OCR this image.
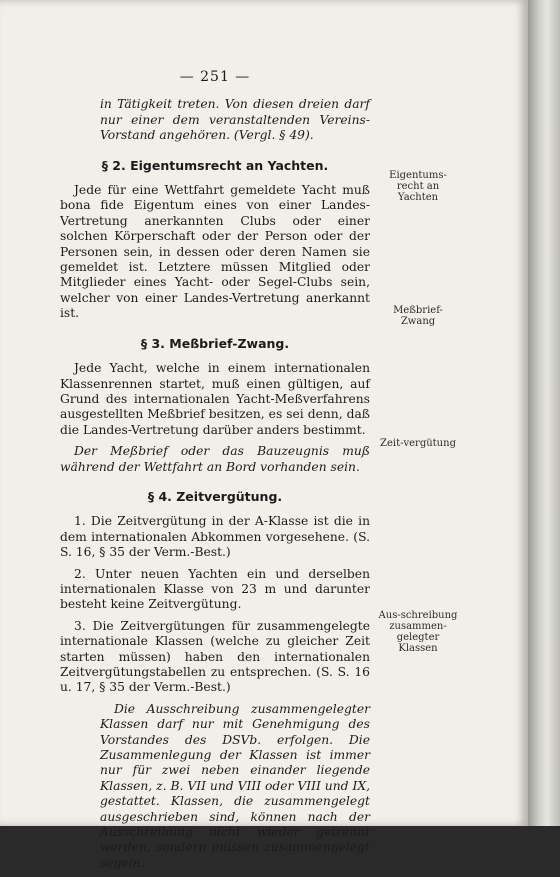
— 251 —

in Tätigkeit treten. Von diesen dreien darf nur einer dem veranstaltenden Vereins-Vorstand angehören. (Vergl. § 49).

§ 2. Eigentumsrecht an Yachten.

Jede für eine Wettfahrt gemeldete Yacht muß bona fide Eigentum eines von einer Landes-Vertretung anerkannten Clubs oder einer solchen Körperschaft oder der Person oder der Personen sein, in dessen oder deren Namen sie gemeldet ist. Letztere müssen Mitglied oder Mitglieder eines Yacht- oder Segel-Clubs sein, welcher von einer Landes-Vertretung anerkannt ist.

§ 3. Meßbrief-Zwang.

Jede Yacht, welche in einem internationalen Klassenrennen startet, muß einen gültigen, auf Grund des internationalen Yacht-Meßverfahrens ausgestellten Meßbrief besitzen, es sei denn, daß die Landes-Vertretung darüber anders bestimmt.

Der Meßbrief oder das Bauzeugnis muß während der Wettfahrt an Bord vorhanden sein.

§ 4. Zeitvergütung.

1. Die Zeitvergütung in der A-Klasse ist die in dem internationalen Abkommen vorgesehene. (S. S. 16, § 35 der Verm.-Best.)

2. Unter neuen Yachten ein und derselben internationalen Klasse von 23 m und darunter besteht keine Zeitvergütung.

3. Die Zeitvergütungen für zusammengelegte internationale Klassen (welche zu gleicher Zeit starten müssen) haben den internationalen Zeitvergütungstabellen zu entsprechen. (S. S. 16 u. 17, § 35 der Verm.-Best.)

Die Ausschreibung zusammengelegter Klassen darf nur mit Genehmigung des Vorstandes des DSVb. erfolgen. Die Zusammenlegung der Klassen ist immer nur für zwei neben einander liegende Klassen, z. B. VII und VIII oder VIII und IX, gestattet. Klassen, die zusammengelegt ausgeschrieben sind, können nach der Ausschreibung nicht wieder getrennt werden, sondern müssen zusammengelegt segeln.

Eigentums-recht an Yachten
Meßbrief-Zwang
Zeit-vergütung
Aus-schreibung zusammen-gelegter Klassen
